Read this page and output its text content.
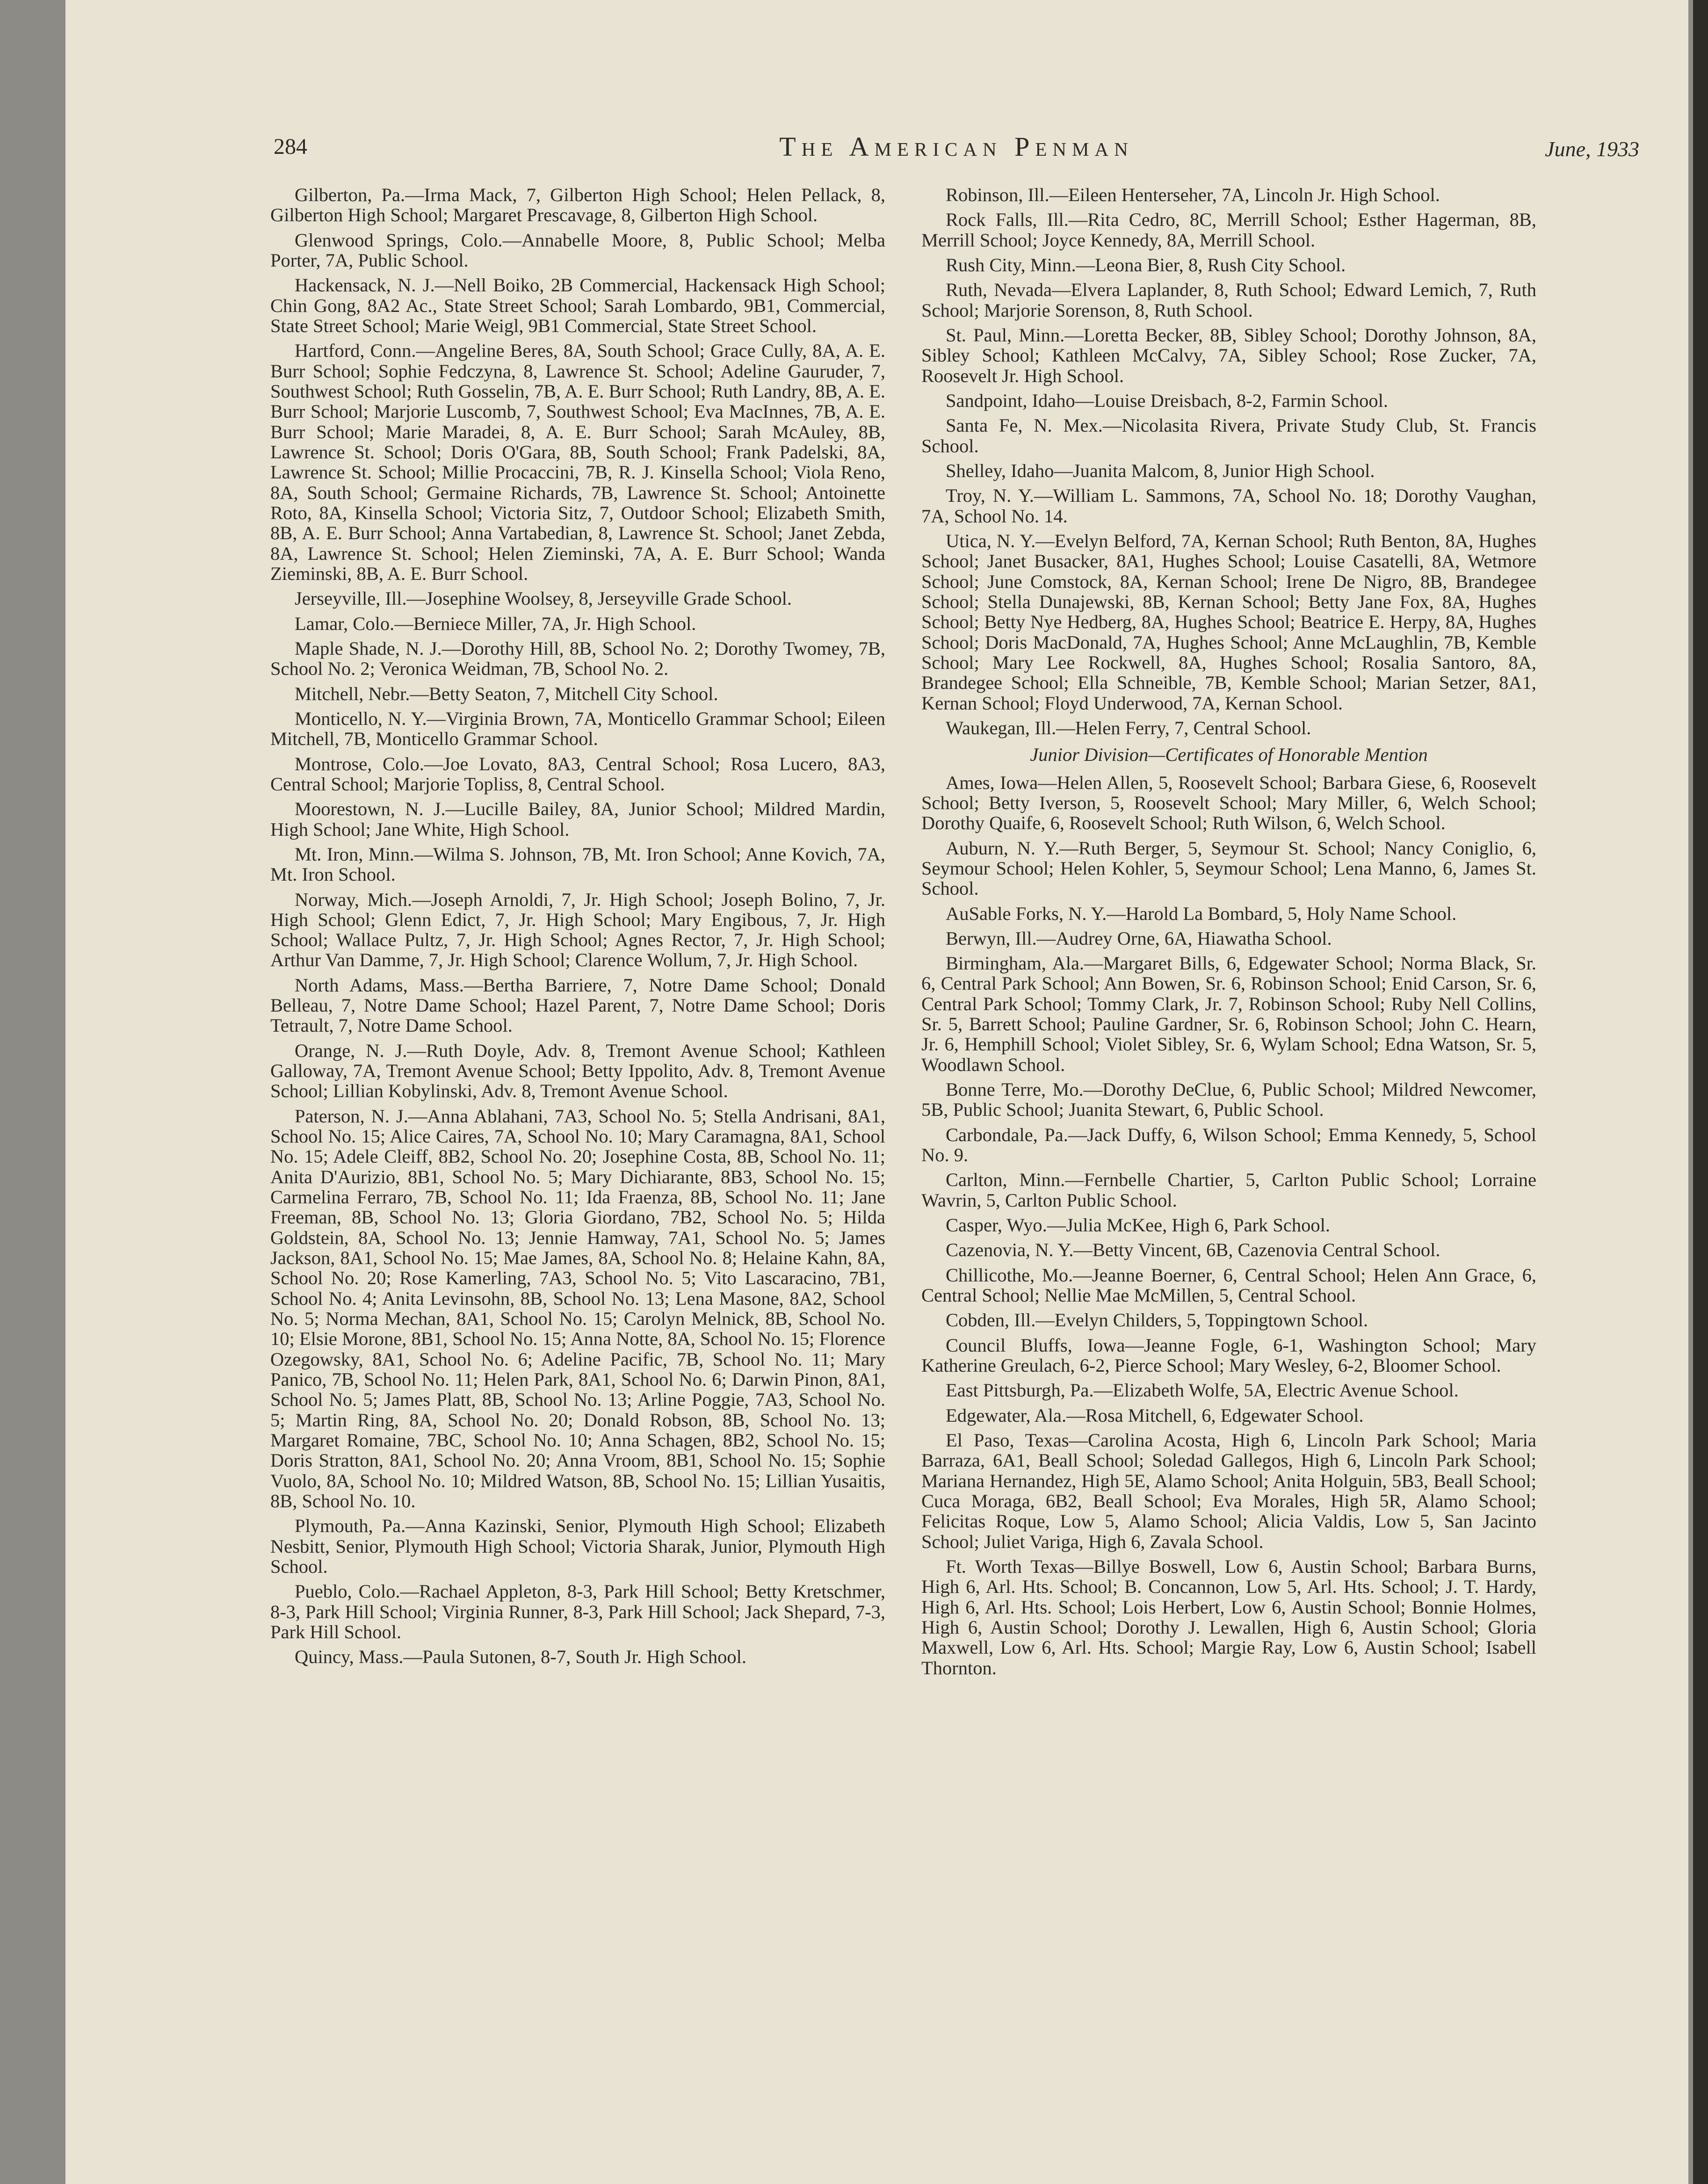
284	The American Penman	June, 1933

Gilberton, Pa.—Irma Mack, 7, Gilberton High School; Helen Pellack, 8, Gilberton High School; Margaret Prescavage, 8, Gilberton High School.

Glenwood Springs, Colo.—Annabelle Moore, 8, Public School; Melba Porter, 7A, Public School.

Hackensack, N. J.—Nell Boiko, 2B Commercial, Hackensack High School; Chin Gong, 8A2 Ac., State Street School; Sarah Lombardo, 9B1, Commercial, State Street School; Marie Weigl, 9B1 Commercial, State Street School.

Hartford, Conn.—Angeline Beres, 8A, South School; Grace Cully, 8A, A. E. Burr School; Sophie Fedczyna, 8, Lawrence St. School; Adeline Gauruder, 7, Southwest School; Ruth Gosselin, 7B, A. E. Burr School; Ruth Landry, 8B, A. E. Burr School; Marjorie Luscomb, 7, Southwest School; Eva MacInnes, 7B, A. E. Burr School; Marie Maradei, 8, A. E. Burr School; Sarah McAuley, 8B, Lawrence St. School; Doris O'Gara, 8B, South School; Frank Padelski, 8A, Lawrence St. School; Millie Procaccini, 7B, R. J. Kinsella School; Viola Reno, 8A, South School; Germaine Richards, 7B, Lawrence St. School; Antoinette Roto, 8A, Kinsella School; Victoria Sitz, 7, Outdoor School; Elizabeth Smith, 8B, A. E. Burr School; Anna Vartabedian, 8, Lawrence St. School; Janet Zebda, 8A, Lawrence St. School; Helen Zieminski, 7A, A. E. Burr School; Wanda Zieminski, 8B, A. E. Burr School.

Jerseyville, Ill.—Josephine Woolsey, 8, Jerseyville Grade School.

Lamar, Colo.—Berniece Miller, 7A, Jr. High School.

Maple Shade, N. J.—Dorothy Hill, 8B, School No. 2; Dorothy Twomey, 7B, School No. 2; Veronica Weidman, 7B, School No. 2.

Mitchell, Nebr.—Betty Seaton, 7, Mitchell City School.

Monticello, N. Y.—Virginia Brown, 7A, Monticello Grammar School; Eileen Mitchell, 7B, Monticello Grammar School.

Montrose, Colo.—Joe Lovato, 8A3, Central School; Rosa Lucero, 8A3, Central School; Marjorie Topliss, 8, Central School.

Moorestown, N. J.—Lucille Bailey, 8A, Junior School; Mildred Mardin, High School; Jane White, High School.

Mt. Iron, Minn.—Wilma S. Johnson, 7B, Mt. Iron School; Anne Kovich, 7A, Mt. Iron School.

Norway, Mich.—Joseph Arnoldi, 7, Jr. High School; Joseph Bolino, 7, Jr. High School; Glenn Edict, 7, Jr. High School; Mary Engibous, 7, Jr. High School; Wallace Pultz, 7, Jr. High School; Agnes Rector, 7, Jr. High School; Arthur Van Damme, 7, Jr. High School; Clarence Wollum, 7, Jr. High School.

North Adams, Mass.—Bertha Barriere, 7, Notre Dame School; Donald Belleau, 7, Notre Dame School; Hazel Parent, 7, Notre Dame School; Doris Tetrault, 7, Notre Dame School.

Orange, N. J.—Ruth Doyle, Adv. 8, Tremont Avenue School; Kathleen Galloway, 7A, Tremont Avenue School; Betty Ippolito, Adv. 8, Tremont Avenue School; Lillian Kobylinski, Adv. 8, Tremont Avenue School.

Paterson, N. J.—Anna Ablahani, 7A3, School No. 5; Stella Andrisani, 8A1, School No. 15; Alice Caires, 7A, School No. 10; Mary Caramagna, 8A1, School No. 15; Adele Cleiff, 8B2, School No. 20; Josephine Costa, 8B, School No. 11; Anita D'Aurizio, 8B1, School No. 5; Mary Dichiarante, 8B3, School No. 15; Carmelina Ferraro, 7B, School No. 11; Ida Fraenza, 8B, School No. 11; Jane Freeman, 8B, School No. 13; Gloria Giordano, 7B2, School No. 5; Hilda Goldstein, 8A, School No. 13; Jennie Hamway, 7A1, School No. 5; James Jackson, 8A1, School No. 15; Mae James, 8A, School No. 8; Helaine Kahn, 8A, School No. 20; Rose Kamerling, 7A3, School No. 5; Vito Lascaracino, 7B1, School No. 4; Anita Levinsohn, 8B, School No. 13; Lena Masone, 8A2, School No. 5; Norma Mechan, 8A1, School No. 15; Carolyn Melnick, 8B, School No. 10; Elsie Morone, 8B1, School No. 15; Anna Notte, 8A, School No. 15; Florence Ozegowsky, 8A1, School No. 6; Adeline Pacific, 7B, School No. 11; Mary Panico, 7B, School No. 11; Helen Park, 8A1, School No. 6; Darwin Pinon, 8A1, School No. 5; James Platt, 8B, School No. 13; Arline Poggie, 7A3, School No. 5; Martin Ring, 8A, School No. 20; Donald Robson, 8B, School No. 13; Margaret Romaine, 7BC, School No. 10; Anna Schagen, 8B2, School No. 15; Doris Stratton, 8A1, School No. 20; Anna Vroom, 8B1, School No. 15; Sophie Vuolo, 8A, School No. 10; Mildred Watson, 8B, School No. 15; Lillian Yusaitis, 8B, School No. 10.

Plymouth, Pa.—Anna Kazinski, Senior, Plymouth High School; Elizabeth Nesbitt, Senior, Plymouth High School; Victoria Sharak, Junior, Plymouth High School.

Pueblo, Colo.—Rachael Appleton, 8-3, Park Hill School; Betty Kretschmer, 8-3, Park Hill School; Virginia Runner, 8-3, Park Hill School; Jack Shepard, 7-3, Park Hill School.

Quincy, Mass.—Paula Sutonen, 8-7, South Jr. High School.

Robinson, Ill.—Eileen Henterseher, 7A, Lincoln Jr. High School.

Rock Falls, Ill.—Rita Cedro, 8C, Merrill School; Esther Hagerman, 8B, Merrill School; Joyce Kennedy, 8A, Merrill School.

Rush City, Minn.—Leona Bier, 8, Rush City School.

Ruth, Nevada—Elvera Laplander, 8, Ruth School; Edward Lemich, 7, Ruth School; Marjorie Sorenson, 8, Ruth School.

St. Paul, Minn.—Loretta Becker, 8B, Sibley School; Dorothy Johnson, 8A, Sibley School; Kathleen McCalvy, 7A, Sibley School; Rose Zucker, 7A, Roosevelt Jr. High School.

Sandpoint, Idaho—Louise Dreisbach, 8-2, Farmin School.

Santa Fe, N. Mex.—Nicolasita Rivera, Private Study Club, St. Francis School.

Shelley, Idaho—Juanita Malcom, 8, Junior High School.

Troy, N. Y.—William L. Sammons, 7A, School No. 18; Dorothy Vaughan, 7A, School No. 14.

Utica, N. Y.—Evelyn Belford, 7A, Kernan School; Ruth Benton, 8A, Hughes School; Janet Busacker, 8A1, Hughes School; Louise Casatelli, 8A, Wetmore School; June Comstock, 8A, Kernan School; Irene De Nigro, 8B, Brandegee School; Stella Dunajewski, 8B, Kernan School; Betty Jane Fox, 8A, Hughes School; Betty Nye Hedberg, 8A, Hughes School; Beatrice E. Herpy, 8A, Hughes School; Doris MacDonald, 7A, Hughes School; Anne McLaughlin, 7B, Kemble School; Mary Lee Rockwell, 8A, Hughes School; Rosalia Santoro, 8A, Brandegee School; Ella Schneible, 7B, Kemble School; Marian Setzer, 8A1, Kernan School; Floyd Underwood, 7A, Kernan School.

Waukegan, Ill.—Helen Ferry, 7, Central School.

Junior Division—Certificates of Honorable Mention

Ames, Iowa—Helen Allen, 5, Roosevelt School; Barbara Giese, 6, Roosevelt School; Betty Iverson, 5, Roosevelt School; Mary Miller, 6, Welch School; Dorothy Quaife, 6, Roosevelt School; Ruth Wilson, 6, Welch School.

Auburn, N. Y.—Ruth Berger, 5, Seymour St. School; Nancy Coniglio, 6, Seymour School; Helen Kohler, 5, Seymour School; Lena Manno, 6, James St. School.

AuSable Forks, N. Y.—Harold La Bombard, 5, Holy Name School.

Berwyn, Ill.—Audrey Orne, 6A, Hiawatha School.

Birmingham, Ala.—Margaret Bills, 6, Edgewater School; Norma Black, Sr. 6, Central Park School; Ann Bowen, Sr. 6, Robinson School; Enid Carson, Sr. 6, Central Park School; Tommy Clark, Jr. 7, Robinson School; Ruby Nell Collins, Sr. 5, Barrett School; Pauline Gardner, Sr. 6, Robinson School; John C. Hearn, Jr. 6, Hemphill School; Violet Sibley, Sr. 6, Wylam School; Edna Watson, Sr. 5, Woodlawn School.

Bonne Terre, Mo.—Dorothy DeClue, 6, Public School; Mildred Newcomer, 5B, Public School; Juanita Stewart, 6, Public School.

Carbondale, Pa.—Jack Duffy, 6, Wilson School; Emma Kennedy, 5, School No. 9.

Carlton, Minn.—Fernbelle Chartier, 5, Carlton Public School; Lorraine Wavrin, 5, Carlton Public School.

Casper, Wyo.—Julia McKee, High 6, Park School.

Cazenovia, N. Y.—Betty Vincent, 6B, Cazenovia Central School.

Chillicothe, Mo.—Jeanne Boerner, 6, Central School; Helen Ann Grace, 6, Central School; Nellie Mae McMillen, 5, Central School.

Cobden, Ill.—Evelyn Childers, 5, Toppingtown School.

Council Bluffs, Iowa—Jeanne Fogle, 6-1, Washington School; Mary Katherine Greulach, 6-2, Pierce School; Mary Wesley, 6-2, Bloomer School.

East Pittsburgh, Pa.—Elizabeth Wolfe, 5A, Electric Avenue School.

Edgewater, Ala.—Rosa Mitchell, 6, Edgewater School.

El Paso, Texas—Carolina Acosta, High 6, Lincoln Park School; Maria Barraza, 6A1, Beall School; Soledad Gallegos, High 6, Lincoln Park School; Mariana Hernandez, High 5E, Alamo School; Anita Holguin, 5B3, Beall School; Cuca Moraga, 6B2, Beall School; Eva Morales, High 5R, Alamo School; Felicitas Roque, Low 5, Alamo School; Alicia Valdis, Low 5, San Jacinto School; Juliet Variga, High 6, Zavala School.

Ft. Worth Texas—Billye Boswell, Low 6, Austin School; Barbara Burns, High 6, Arl. Hts. School; B. Concannon, Low 5, Arl. Hts. School; J. T. Hardy, High 6, Arl. Hts. School; Lois Herbert, Low 6, Austin School; Bonnie Holmes, High 6, Austin School; Dorothy J. Lewallen, High 6, Austin School; Gloria Maxwell, Low 6, Arl. Hts. School; Margie Ray, Low 6, Austin School; Isabell Thornton.
